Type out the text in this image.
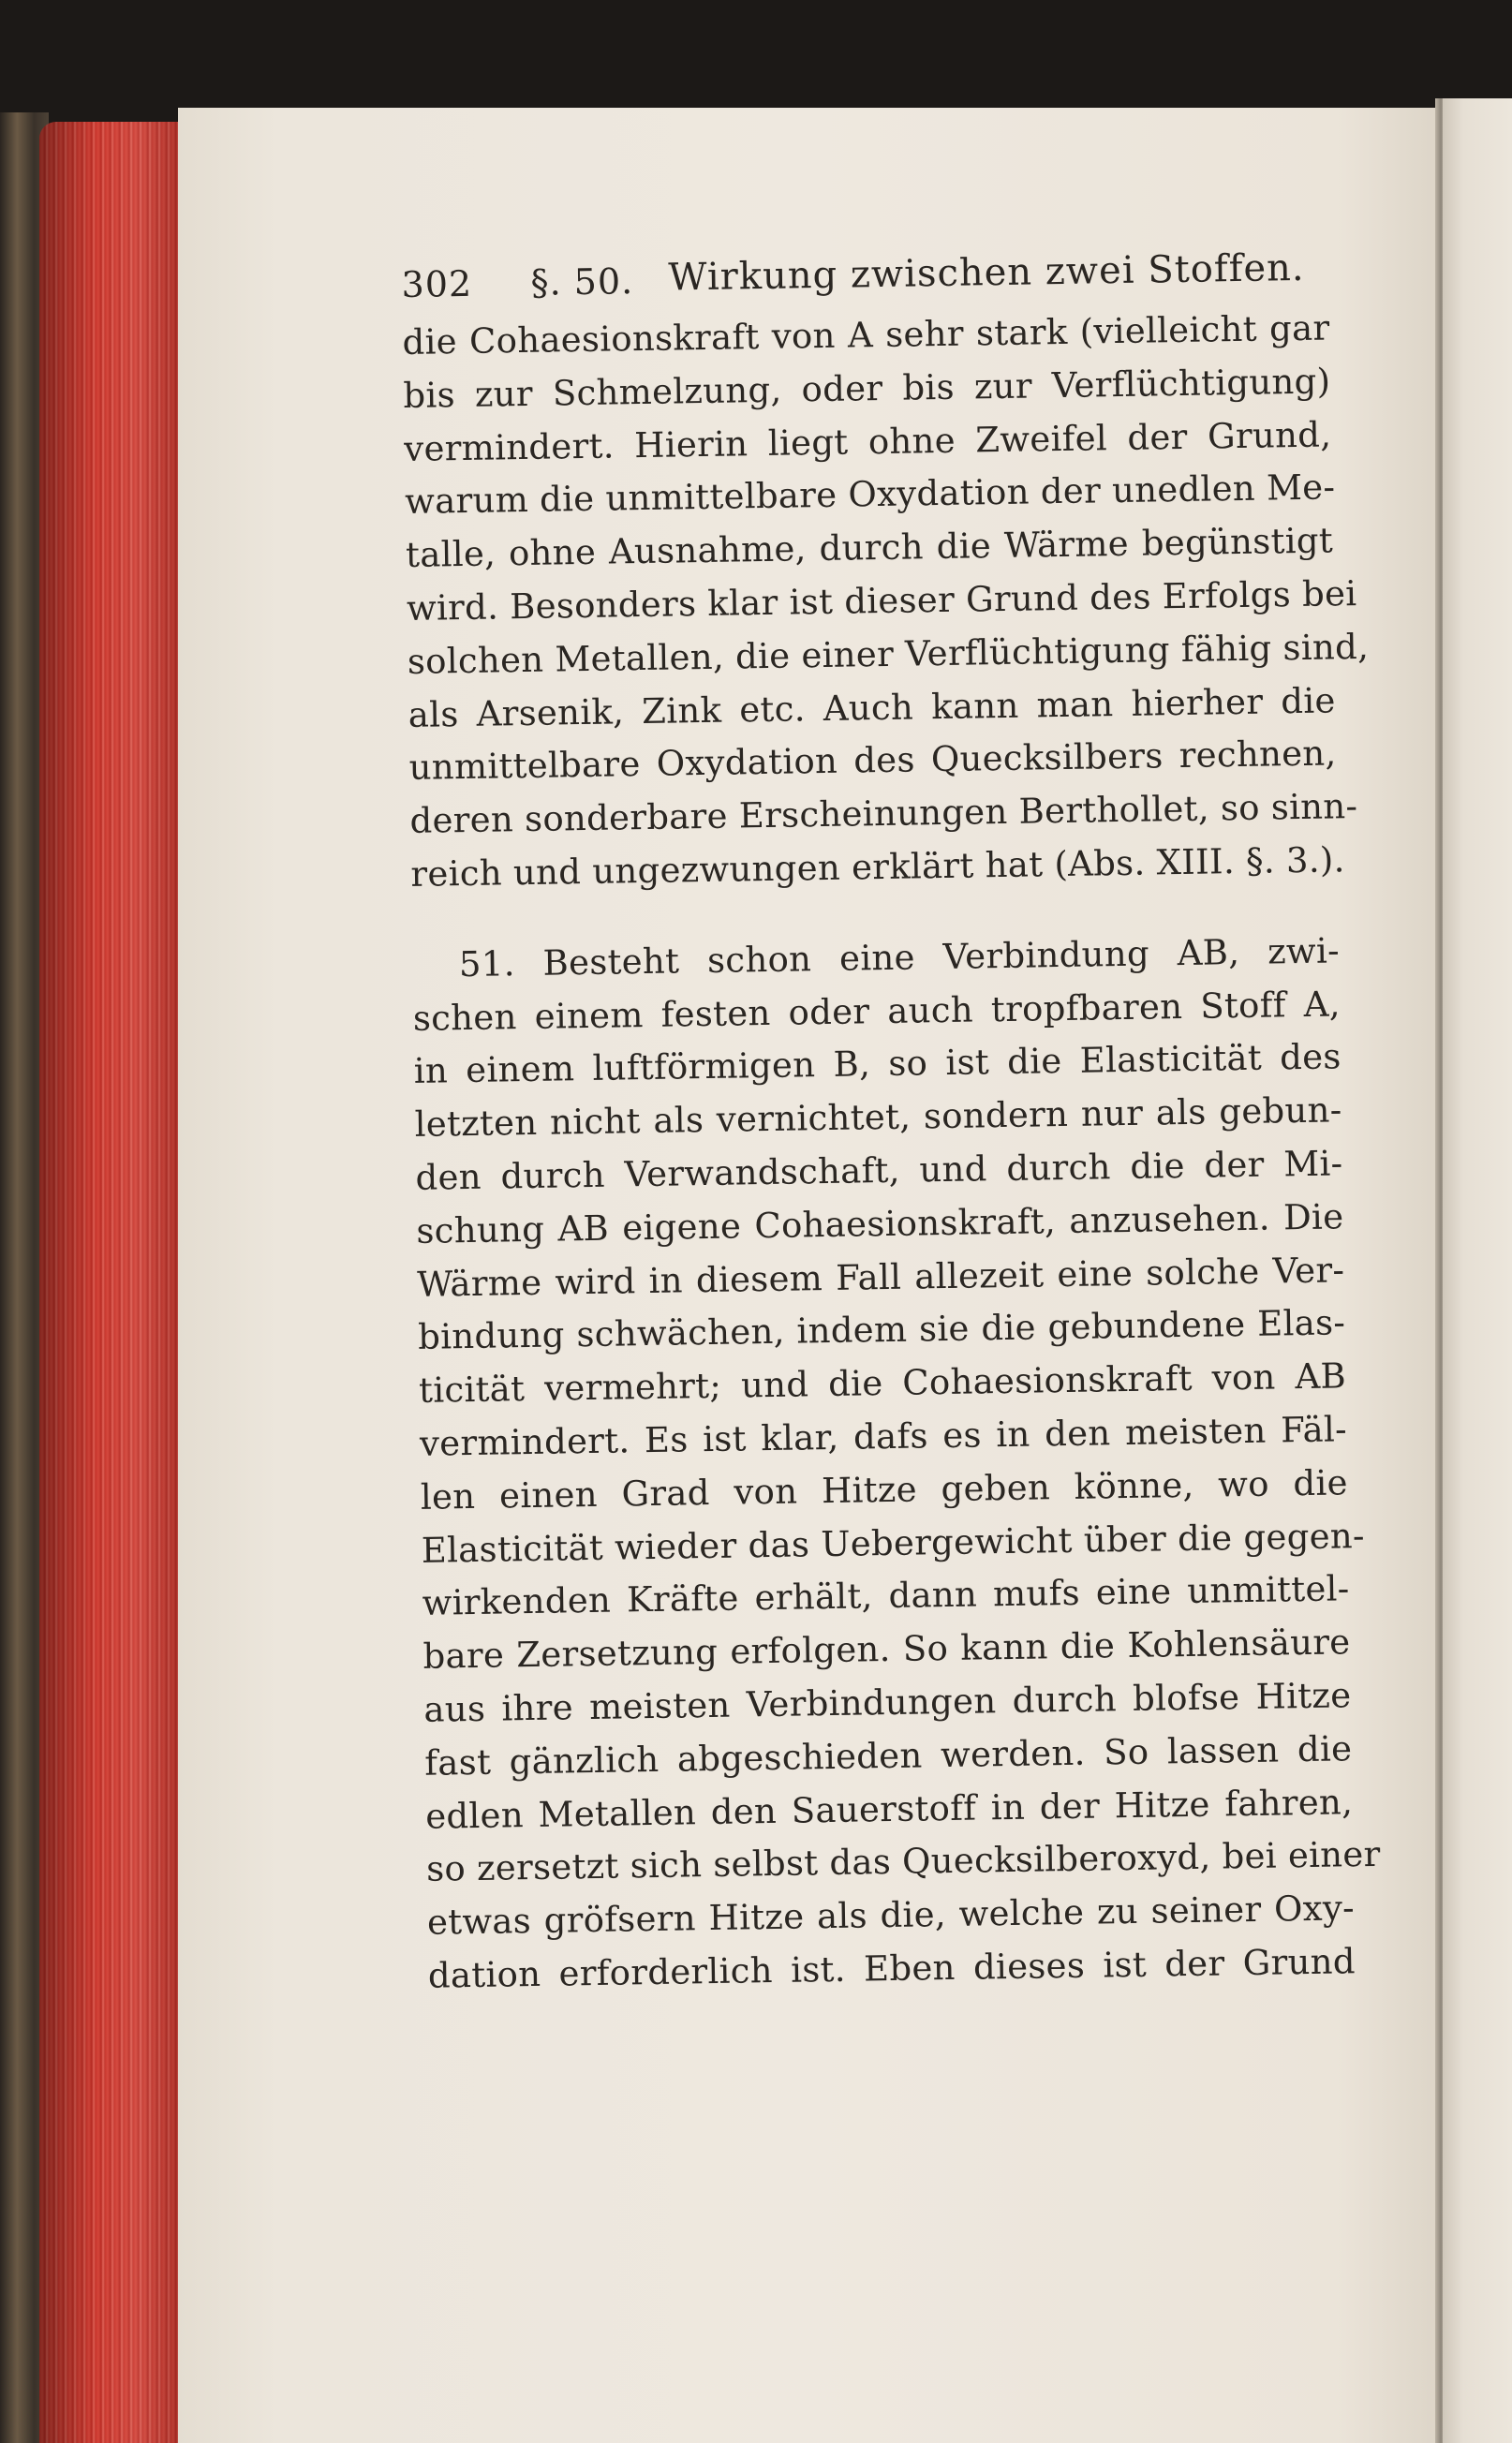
302 §. 50. Wirkung zwischen zwei Stoffen.
die Cohaesionskraft von A sehr stark (vielleicht gar
bis zur Schmelzung, oder bis zur Verflüchtigung)
vermindert. Hierin liegt ohne Zweifel der Grund,
warum die unmittelbare Oxydation der unedlen Me-
talle, ohne Ausnahme, durch die Wärme begünstigt
wird. Besonders klar ist dieser Grund des Erfolgs bei
solchen Metallen, die einer Verflüchtigung fähig sind,
als Arsenik, Zink etc. Auch kann man hierher die
unmittelbare Oxydation des Quecksilbers rechnen,
deren sonderbare Erscheinungen Berthollet, so sinn-
reich und ungezwungen erklärt hat (Abs. XIII. §. 3.).
51. Besteht schon eine Verbindung AB, zwi-
schen einem festen oder auch tropfbaren Stoff A,
in einem luftförmigen B, so ist die Elasticität des
letzten nicht als vernichtet, sondern nur als gebun-
den durch Verwandschaft, und durch die der Mi-
schung AB eigene Cohaesionskraft, anzusehen. Die
Wärme wird in diesem Fall allezeit eine solche Ver-
bindung schwächen, indem sie die gebundene Elas-
ticität vermehrt; und die Cohaesionskraft von AB
vermindert. Es ist klar, dafs es in den meisten Fäl-
len einen Grad von Hitze geben könne, wo die
Elasticität wieder das Uebergewicht über die gegen-
wirkenden Kräfte erhält, dann mufs eine unmittel-
bare Zersetzung erfolgen. So kann die Kohlensäure
aus ihre meisten Verbindungen durch blofse Hitze
fast gänzlich abgeschieden werden. So lassen die
edlen Metallen den Sauerstoff in der Hitze fahren,
so zersetzt sich selbst das Quecksilberoxyd, bei einer
etwas gröfsern Hitze als die, welche zu seiner Oxy-
dation erforderlich ist. Eben dieses ist der Grund
